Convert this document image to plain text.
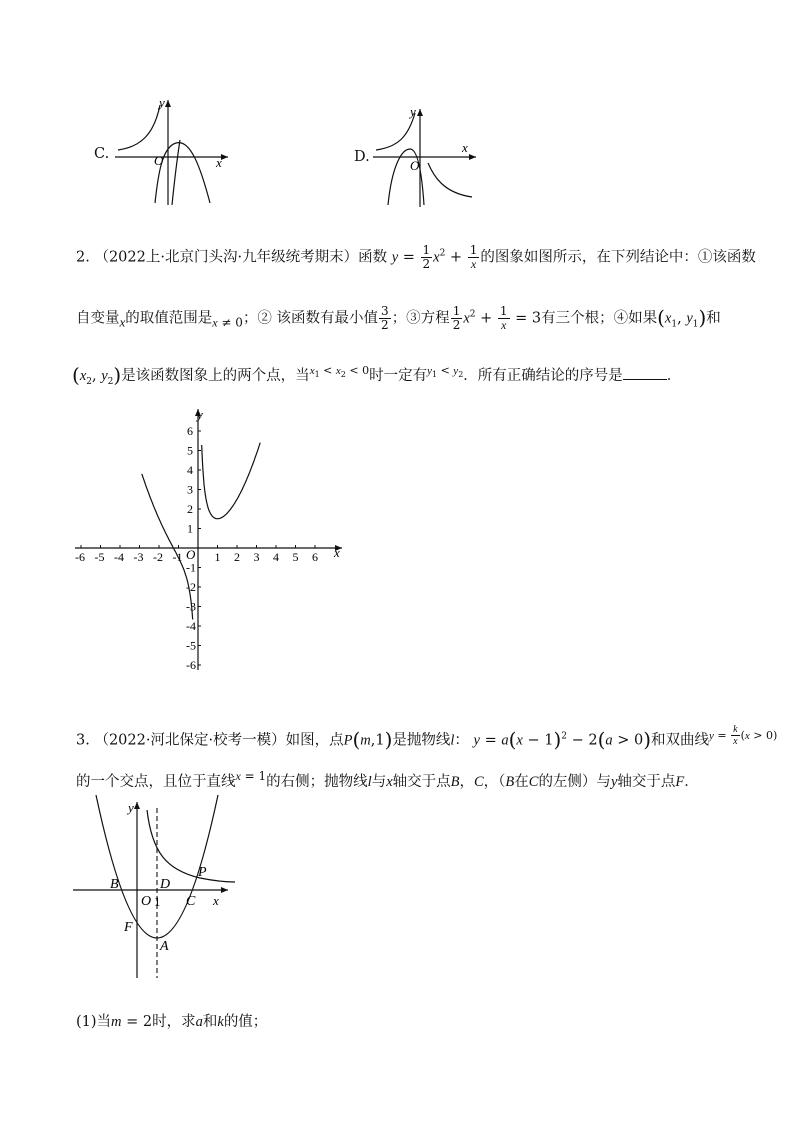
C.
y
O	x	D.
y
O
x
2. （2022上·北京门头沟·九年级统考期末）函数 $y = \frac{1}{2} x^2 + \frac{1}{x}$ 的图象如图所示，在下列结论中：①该函数
自变量$_x$的取值范围是$_{x \ne 0}$；② 该函数有最小值 $\frac{3}{2}$ ；③方程 $\frac{1}{2} x^2 + \frac{1}{x} = 3$有三个根；④如果($x_1$, $y_1$)和
($x_2$, $y_2$)是该函数图象上的两个点，当$^{x_1 < x_2 < 0}$时一定有$^{y_1 < y_2}$．所有正确结论的序号是	．
-6 -5 -4 -3 -2 -1	1 2 3 4 5 6
6
5
4
3
2
1
-1
-2
-3
-4
-5
-6
O	x
y
3. （2022·河北保定·校考一模）如图，点P(m,1)是抛物线l： $y = a(x - 1)^2 - 2(a > 0)$和双曲线$^{y = \frac{k}{x} (x > 0)}$
的一个交点，且位于直线$^{x = 1}$的右侧；抛物线l与x轴交于点B，C，（B在C的左侧）与y轴交于点F．
y
x
B
O 1
D
C
P
F
A
(1)当m = 2时，求a和k的值；
